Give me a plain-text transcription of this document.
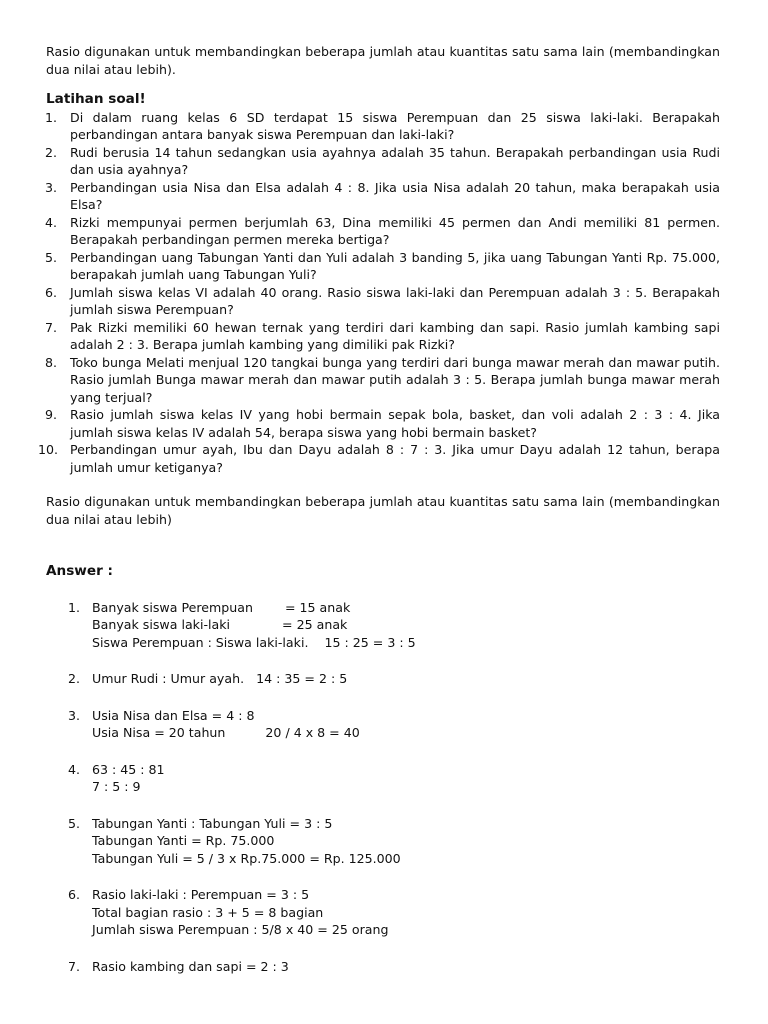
Rasio digunakan untuk membandingkan beberapa jumlah atau kuantitas satu sama lain (membandingkan dua nilai atau lebih).

Latihan soal!

1. Di dalam ruang kelas 6 SD terdapat 15 siswa Perempuan dan 25 siswa laki-laki. Berapakah perbandingan antara banyak siswa Perempuan dan laki-laki?
2. Rudi berusia 14 tahun sedangkan usia ayahnya adalah 35 tahun. Berapakah perbandingan usia Rudi dan usia ayahnya?
3. Perbandingan usia Nisa dan Elsa adalah 4 : 8. Jika usia Nisa adalah 20 tahun, maka berapakah usia Elsa?
4. Rizki mempunyai permen berjumlah 63, Dina memiliki 45 permen dan Andi memiliki 81 permen. Berapakah perbandingan permen mereka bertiga?
5. Perbandingan uang Tabungan Yanti dan Yuli adalah 3 banding 5, jika uang Tabungan Yanti Rp. 75.000, berapakah jumlah uang Tabungan Yuli?
6. Jumlah siswa kelas VI adalah 40 orang. Rasio siswa laki-laki dan Perempuan adalah 3 : 5. Berapakah jumlah siswa Perempuan?
7. Pak Rizki memiliki 60 hewan ternak yang terdiri dari kambing dan sapi. Rasio jumlah kambing sapi adalah 2 : 3. Berapa jumlah kambing yang dimiliki pak Rizki?
8. Toko bunga Melati menjual 120 tangkai bunga yang terdiri dari bunga mawar merah dan mawar putih. Rasio jumlah Bunga mawar merah dan mawar putih adalah 3 : 5. Berapa jumlah bunga mawar merah yang terjual?
9. Rasio jumlah siswa kelas IV yang hobi bermain sepak bola, basket, dan voli adalah 2 : 3 : 4. Jika jumlah siswa kelas IV adalah 54, berapa siswa yang hobi bermain basket?
10. Perbandingan umur ayah, Ibu dan Dayu adalah 8 : 7 : 3. Jika umur Dayu adalah 12 tahun, berapa jumlah umur ketiganya?

Rasio digunakan untuk membandingkan beberapa jumlah atau kuantitas satu sama lain (membandingkan dua nilai atau lebih)

Answer :

1. Banyak siswa Perempuan        = 15 anak
Banyak siswa laki-laki             = 25 anak
Siswa Perempuan : Siswa laki-laki.    15 : 25 = 3 : 5
2. Umur Rudi : Umur ayah.   14 : 35 = 2 : 5
3. Usia Nisa dan Elsa = 4 : 8
Usia Nisa = 20 tahun          20 / 4 x 8 = 40
4. 63 : 45 : 81
7 : 5 : 9
5. Tabungan Yanti : Tabungan Yuli = 3 : 5
Tabungan Yanti = Rp. 75.000
Tabungan Yuli = 5 / 3 x Rp.75.000 = Rp. 125.000
6. Rasio laki-laki : Perempuan = 3 : 5
Total bagian rasio : 3 + 5 = 8 bagian
Jumlah siswa Perempuan : 5/8 x 40 = 25 orang
7. Rasio kambing dan sapi = 2 : 3
